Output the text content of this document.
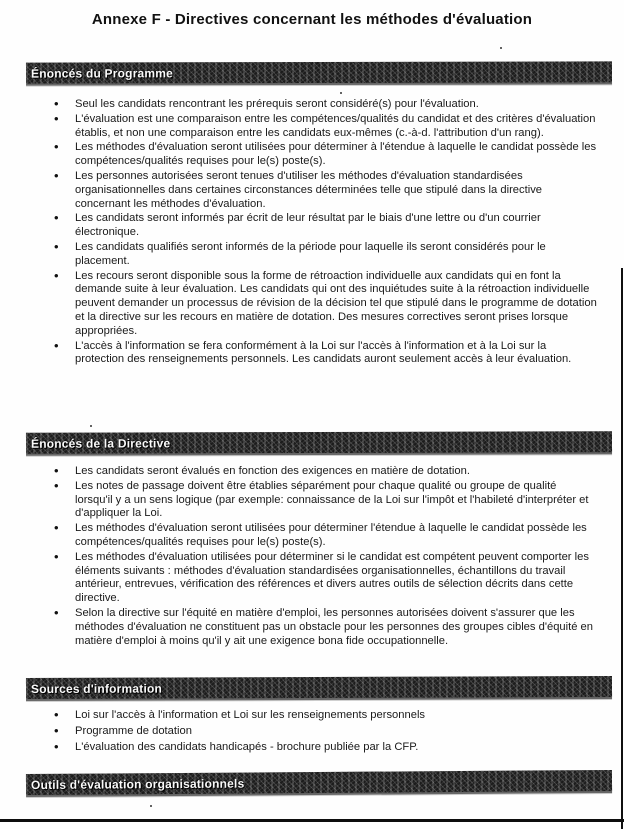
Annexe F - Directives concernant les méthodes d'évaluation
Énoncés du Programme
• Seul les candidats rencontrant les prérequis seront considéré(s) pour l'évaluation.
• L'évaluation est une comparaison entre les compétences/qualités du candidat et des critères d'évaluation établis, et non une comparaison entre les candidats eux-mêmes (c.-à-d. l'attribution d'un rang).
• Les méthodes d'évaluation seront utilisées pour déterminer à l'étendue à laquelle le candidat possède les compétences/qualités requises pour le(s) poste(s).
• Les personnes autorisées seront tenues d'utiliser les méthodes d'évaluation standardisées organisationnelles dans certaines circonstances déterminées telle que stipulé dans la directive concernant les méthodes d'évaluation.
• Les candidats seront informés par écrit de leur résultat par le biais d'une lettre ou d'un courrier électronique.
• Les candidats qualifiés seront informés de la période pour laquelle ils seront considérés pour le placement.
• Les recours seront disponible sous la forme de rétroaction individuelle aux candidats qui en font la demande suite à leur évaluation. Les candidats qui ont des inquiétudes suite à la rétroaction individuelle peuvent demander un processus de révision de la décision tel que stipulé dans le programme de dotation et la directive sur les recours en matière de dotation. Des mesures correctives seront prises lorsque appropriées.
• L'accès à l'information se fera conformément à la Loi sur l'accès à l'information et à la Loi sur la protection des renseignements personnels. Les candidats auront seulement accès à leur évaluation.
Énoncés de la Directive
• Les candidats seront évalués en fonction des exigences en matière de dotation.
• Les notes de passage doivent être établies séparément pour chaque qualité ou groupe de qualité lorsqu'il y a un sens logique (par exemple: connaissance de la Loi sur l'impôt et l'habileté d'interpréter et d'appliquer la Loi.
• Les méthodes d'évaluation seront utilisées pour déterminer l'étendue à laquelle le candidat possède les compétences/qualités requises pour le(s) poste(s).
• Les méthodes d'évaluation utilisées pour déterminer si le candidat est compétent peuvent comporter les éléments suivants : méthodes d'évaluation standardisées organisationnelles, échantillons du travail antérieur, entrevues, vérification des références et divers autres outils de sélection décrits dans cette directive.
• Selon la directive sur l'équité en matière d'emploi, les personnes autorisées doivent s'assurer que les méthodes d'évaluation ne constituent pas un obstacle pour les personnes des groupes cibles d'équité en matière d'emploi à moins qu'il y ait une exigence bona fide occupationnelle.
Sources d'information
• Loi sur l'accès à l'information et Loi sur les renseignements personnels
• Programme de dotation
• L'évaluation des candidats handicapés - brochure publiée par la CFP.
Outils d'évaluation organisationnels
